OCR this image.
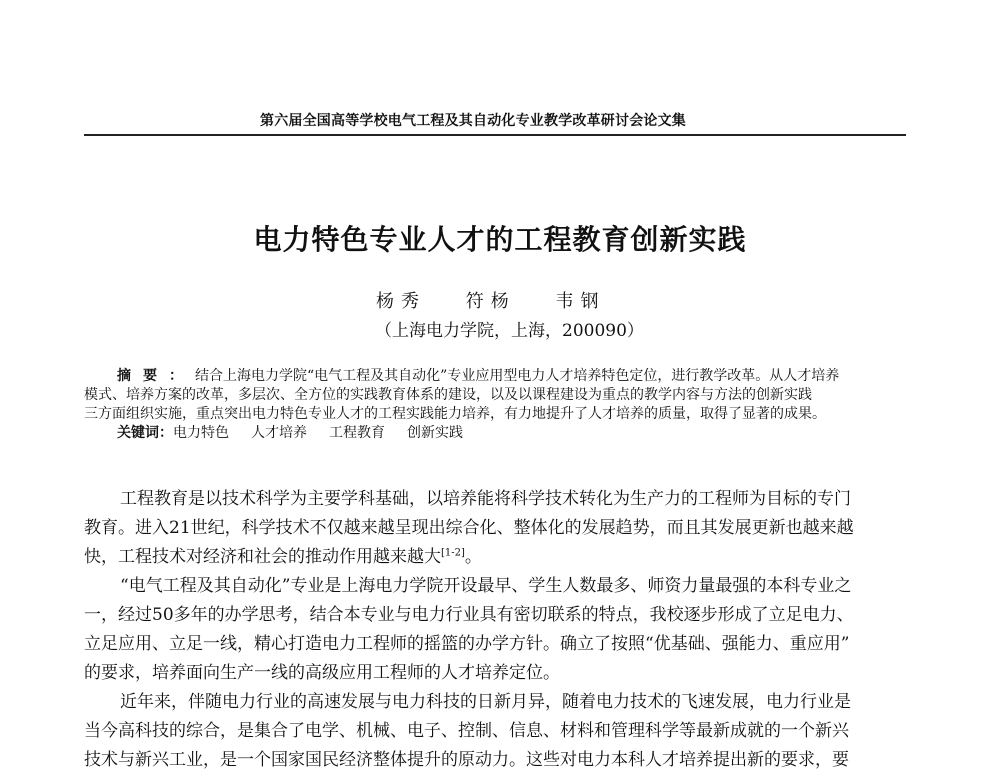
第六届全国高等学校电气工程及其自动化专业教学改革研讨会论文集
电力特色专业人才的工程教育创新实践
杨秀 符杨 韦钢
（上海电力学院，上海，200090）
摘要：结合上海电力学院“电气工程及其自动化”专业应用型电力人才培养特色定位，进行教学改革。从人才培养
模式、培养方案的改革，多层次、全方位的实践教育体系的建设，以及以课程建设为重点的教学内容与方法的创新实践
三方面组织实施，重点突出电力特色专业人才的工程实践能力培养，有力地提升了人才培养的质量，取得了显著的成果。
关键词：电力特色 人才培养 工程教育 创新实践
工程教育是以技术科学为主要学科基础，以培养能将科学技术转化为生产力的工程师为目标的专门
教育。进入21世纪，科学技术不仅越来越呈现出综合化、整体化的发展趋势，而且其发展更新也越来越
快，工程技术对经济和社会的推动作用越来越大[1-2]。
“电气工程及其自动化”专业是上海电力学院开设最早、学生人数最多、师资力量最强的本科专业之
一，经过50多年的办学思考，结合本专业与电力行业具有密切联系的特点，我校逐步形成了立足电力、
立足应用、立足一线，精心打造电力工程师的摇篮的办学方针。确立了按照“优基础、强能力、重应用”
的要求，培养面向生产一线的高级应用工程师的人才培养定位。
近年来，伴随电力行业的高速发展与电力科技的日新月异，随着电力技术的飞速发展，电力行业是
当今高科技的综合，是集合了电学、机械、电子、控制、信息、材料和管理科学等最新成就的一个新兴
技术与新兴工业，是一个国家国民经济整体提升的原动力。这些对电力本科人才培养提出新的要求，要
